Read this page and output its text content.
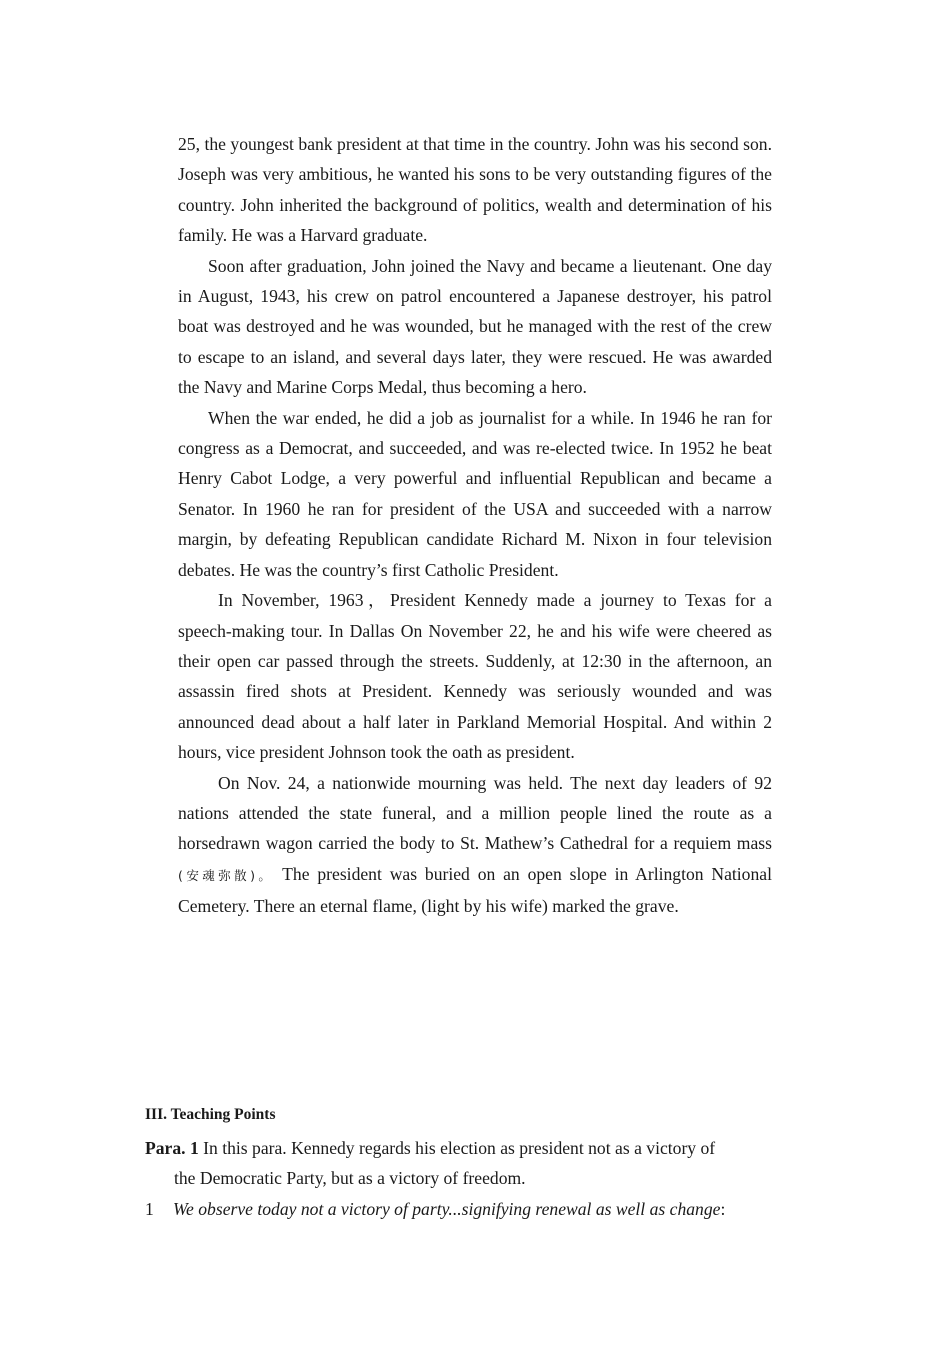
25, the youngest bank president at that time in the country. John was his second son. Joseph was very ambitious, he wanted his sons to be very outstanding figures of the country. John inherited the background of politics, wealth and determination of his family. He was a Harvard graduate.

Soon after graduation, John joined the Navy and became a lieutenant. One day in August, 1943, his crew on patrol encountered a Japanese destroyer, his patrol boat was destroyed and he was wounded, but he managed with the rest of the crew to escape to an island, and several days later, they were rescued. He was awarded the Navy and Marine Corps Medal, thus becoming a hero.

When the war ended, he did a job as journalist for a while. In 1946 he ran for congress as a Democrat, and succeeded, and was re-elected twice. In 1952 he beat Henry Cabot Lodge, a very powerful and influential Republican and became a Senator. In 1960 he ran for president of the USA and succeeded with a narrow margin, by defeating Republican candidate Richard M. Nixon in four television debates. He was the country’s first Catholic President.

In November, 1963，President Kennedy made a journey to Texas for a speech-making tour. In Dallas On November 22, he and his wife were cheered as their open car passed through the streets. Suddenly, at 12:30 in the afternoon, an assassin fired shots at President. Kennedy was seriously wounded and was announced dead about a half later in Parkland Memorial Hospital. And within 2 hours, vice president Johnson took the oath as president.

On Nov. 24, a nationwide mourning was held. The next day leaders of 92 nations attended the state funeral, and a million people lined the route as a horsedrawn wagon carried the body to St. Mathew’s Cathedral for a requiem mass (安魂弥散)。 The president was buried on an open slope in Arlington National Cemetery. There an eternal flame, (light by his wife) marked the grave.

III. Teaching Points

Para. 1 In this para. Kennedy regards his election as president not as a victory of
the Democratic Party, but as a victory of freedom.
1 We observe today not a victory of party...signifying renewal as well as change:
